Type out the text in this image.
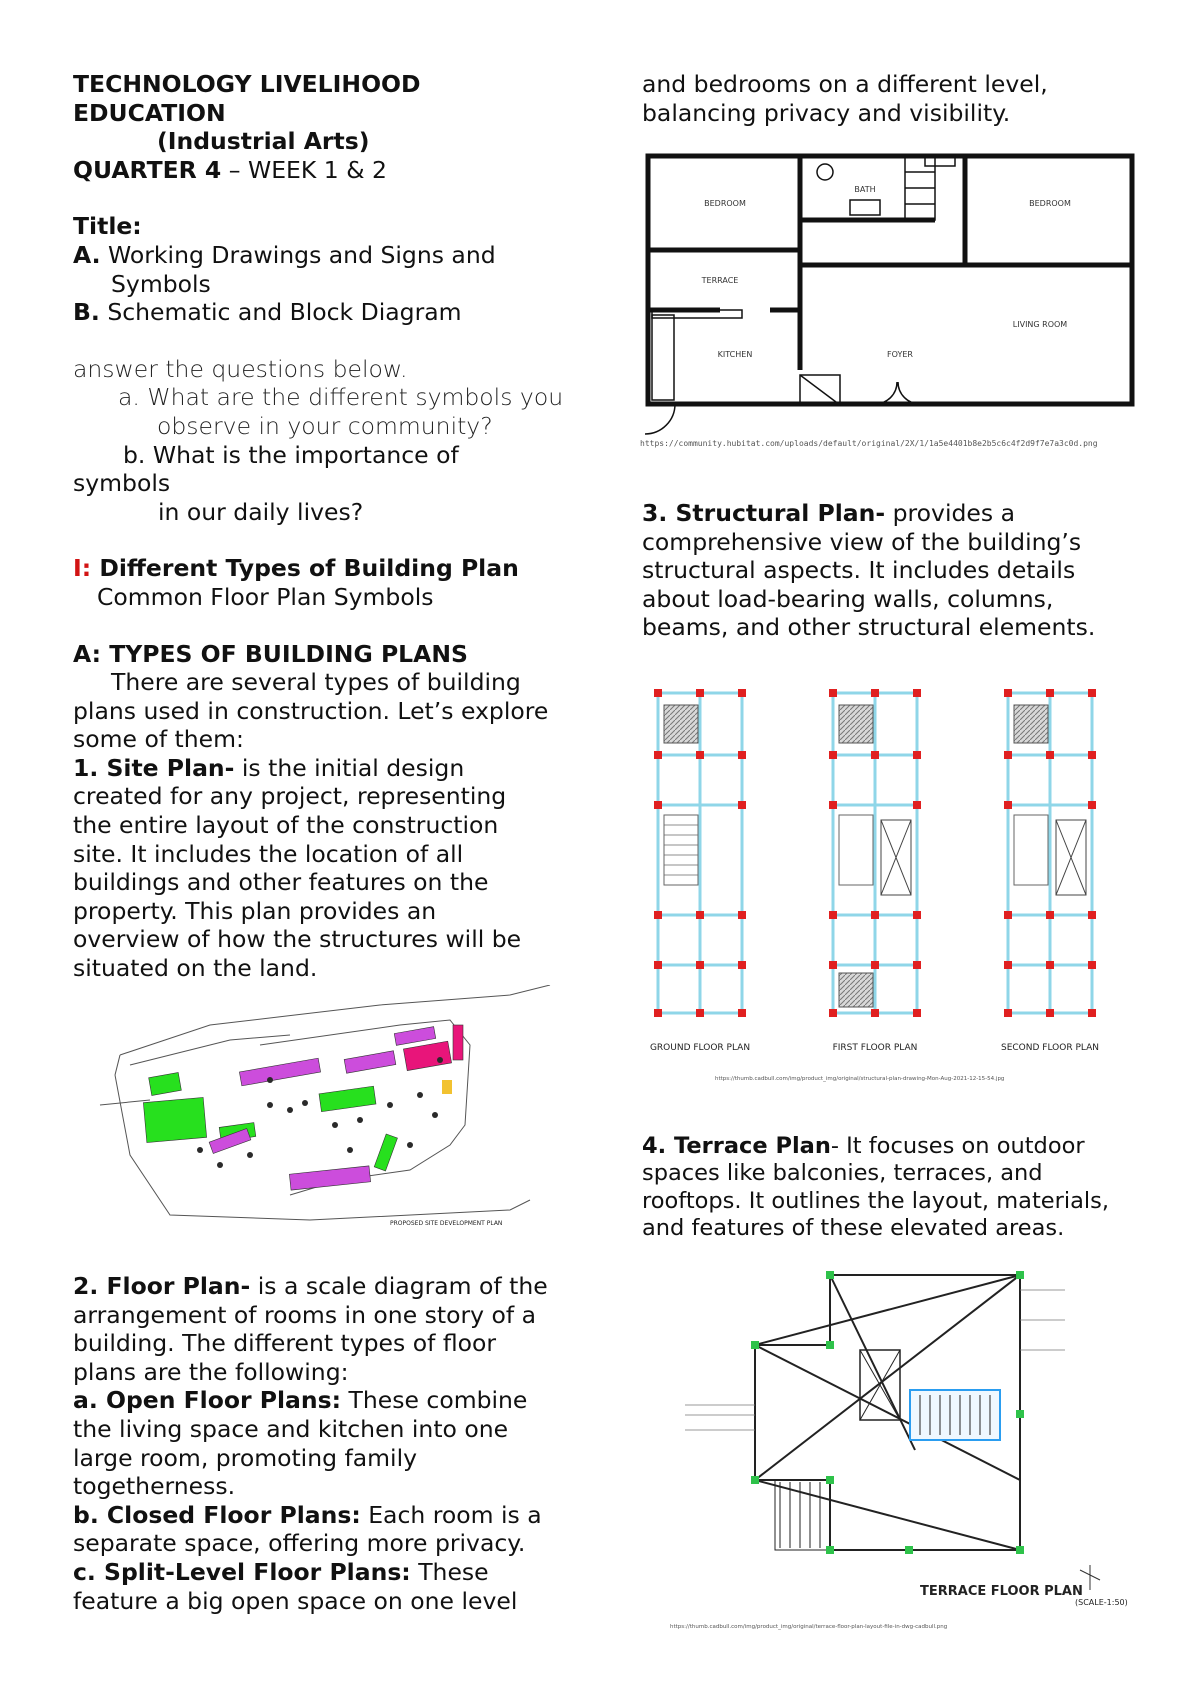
TECHNOLOGY LIVELIHOOD

EDUCATION

(Industrial Arts)

QUARTER 4 – WEEK 1 & 2

Title:

A. Working Drawings and Signs and

Symbols

B. Schematic and Block Diagram

answer the questions below.

a. What are the different symbols you

observe in your community?

b. What is the importance of

symbols

in our daily lives?

I: Different Types of Building Plan

Common Floor Plan Symbols

A: TYPES OF BUILDING PLANS

There are several types of building

plans used in construction. Let’s explore

some of them:

1. Site Plan- is the initial design

created for any project, representing

the entire layout of the construction

site. It includes the location of all

buildings and other features on the

property. This plan provides an

overview of how the structures will be

situated on the land.

PROPOSED SITE DEVELOPMENT PLAN

2. Floor Plan- is a scale diagram of the

arrangement of rooms in one story of a

building. The different types of floor

plans are the following:

a. Open Floor Plans: These combine

the living space and kitchen into one

large room, promoting family

togetherness.

b. Closed Floor Plans: Each room is a

separate space, offering more privacy.

c. Split-Level Floor Plans: These

feature a big open space on one level

and bedrooms on a different level,

balancing privacy and visibility.

BEDROOM
BATH
BEDROOM
TERRACE
LIVING ROOM
KITCHEN	FOYER
https://community.hubitat.com/uploads/default/original/2X/1/1a5e4401b8e2b5c6c4f2d9f7e7a3c0d.png

3. Structural Plan- provides a

comprehensive view of the building’s

structural aspects. It includes details

about load-bearing walls, columns,

beams, and other structural elements.

GROUND FLOOR PLAN	FIRST FLOOR PLAN	SECOND FLOOR PLAN
https://thumb.cadbull.com/img/product_img/original/structural-plan-drawing-Mon-Aug-2021-12-15-54.jpg

4. Terrace Plan- It focuses on outdoor

spaces like balconies, terraces, and

rooftops. It outlines the layout, materials,

and features of these elevated areas.

TERRACE FLOOR PLAN
(SCALE-1:50)
https://thumb.cadbull.com/img/product_img/original/terrace-floor-plan-layout-file-in-dwg-cadbull.png
